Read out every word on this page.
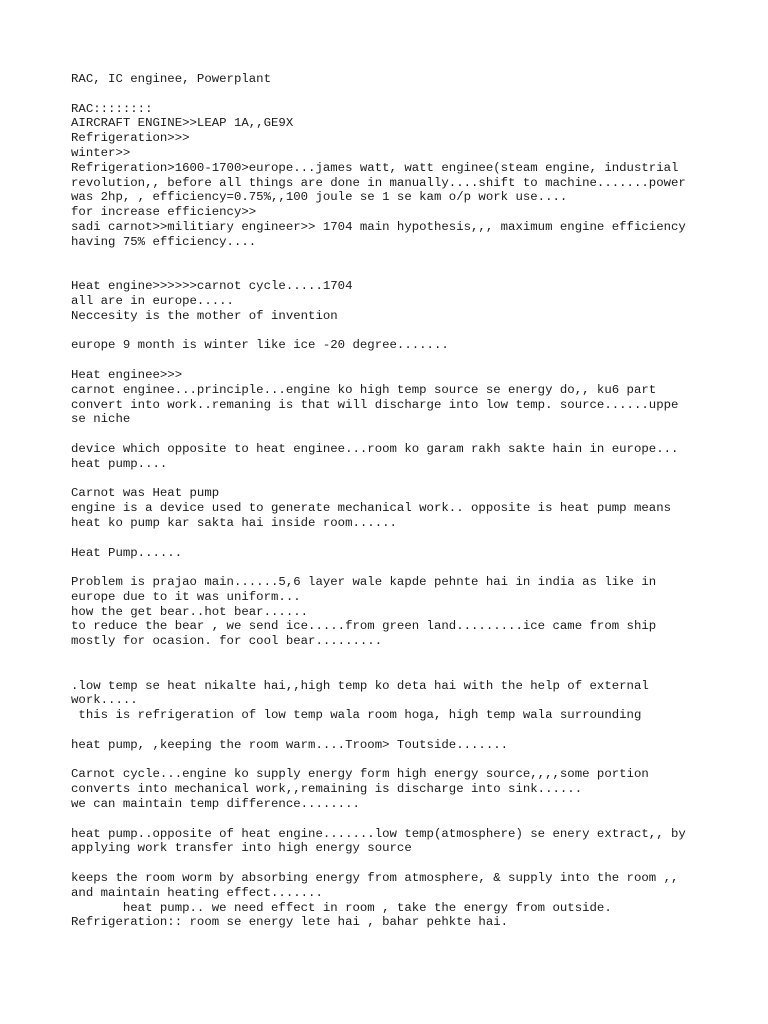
RAC, IC enginee, Powerplant
RAC::::::::
AIRCRAFT ENGINE>>LEAP 1A,,GE9X
Refrigeration>>>
winter>>
Refrigeration>1600-1700>europe...james watt, watt enginee(steam engine, industrial
revolution,, before all things are done in manually....shift to machine.......power
was 2hp, , efficiency=0.75%,,100 joule se 1 se kam o/p work use....
for increase efficiency>>
sadi carnot>>militiary engineer>> 1704 main hypothesis,,, maximum engine efficiency
having 75% efficiency....
Heat engine>>>>>>carnot cycle.....1704
all are in europe.....
Neccesity is the mother of invention
europe 9 month is winter like ice -20 degree.......
Heat enginee>>>
carnot enginee...principle...engine ko high temp source se energy do,, ku6 part
convert into work..remaning is that will discharge into low temp. source......uppe
se niche
device which opposite to heat enginee...room ko garam rakh sakte hain in europe...
heat pump....
Carnot was Heat pump
engine is a device used to generate mechanical work.. opposite is heat pump means
heat ko pump kar sakta hai inside room......
Heat Pump......
Problem is prajao main......5,6 layer wale kapde pehnte hai in india as like in
europe due to it was uniform...
how the get bear..hot bear......
to reduce the bear , we send ice.....from green land.........ice came from ship
mostly for ocasion. for cool bear.........
.low temp se heat nikalte hai,,high temp ko deta hai with the help of external
work.....
this is refrigeration of low temp wala room hoga, high temp wala surrounding
heat pump, ,keeping the room warm....Troom> Toutside.......
Carnot cycle...engine ko supply energy form high energy source,,,,some portion
converts into mechanical work,,remaining is discharge into sink......
we can maintain temp difference........
heat pump..opposite of heat engine.......low temp(atmosphere) se enery extract,, by
applying work transfer into high energy source
keeps the room worm by absorbing energy from atmosphere, & supply into the room ,,
and maintain heating effect.......
heat pump.. we need effect in room , take the energy from outside.
Refrigeration:: room se energy lete hai , bahar pehkte hai.
